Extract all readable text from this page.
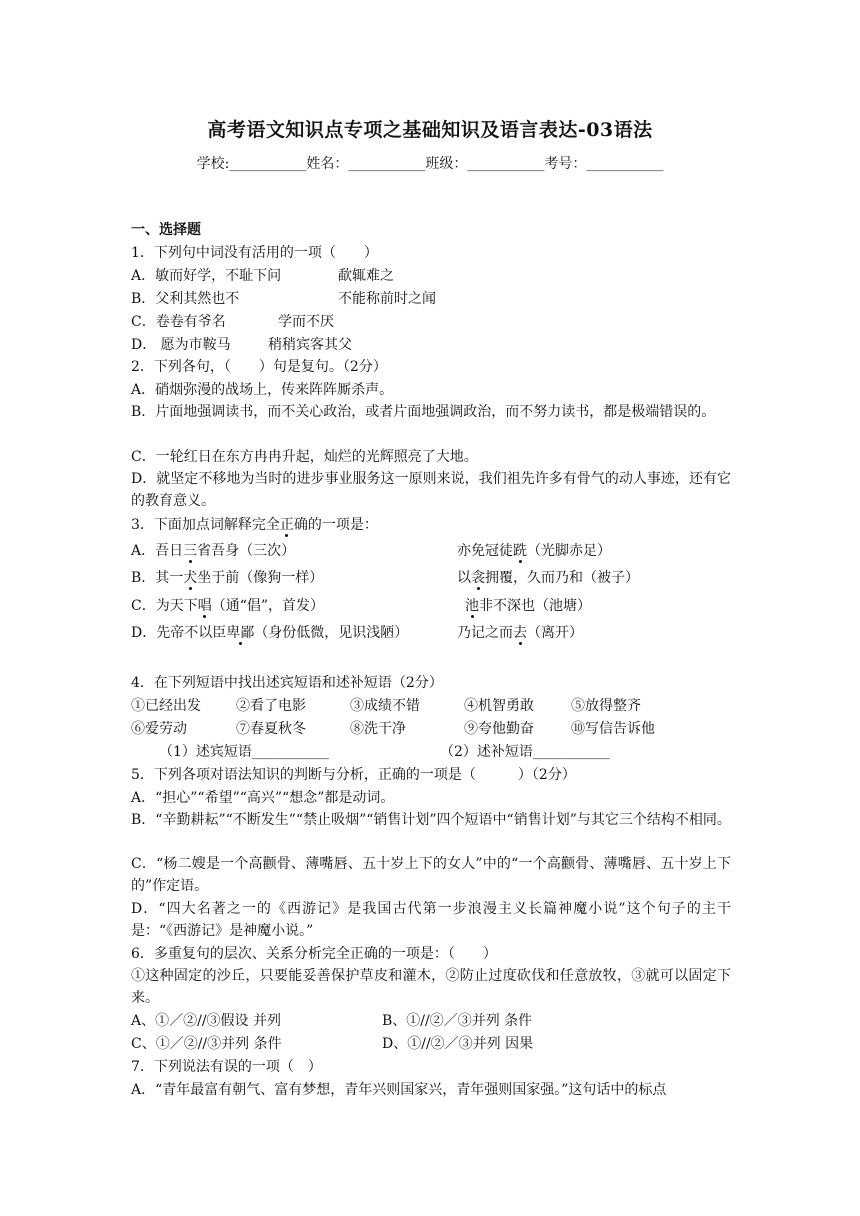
高考语文知识点专项之基础知识及语言表达-03语法
学校:___________姓名：___________班级：___________考号：___________
一、选择题
1．下列句中词没有活用的一项（　　）
A．敏而好学，不耻下问	歃辄难之
B．父利其然也不	不能称前时之闻
C．卷卷有爷名	学而不厌
D． 愿为市鞍马	稍稍宾客其父
2．下列各句，（　　）句是复句。（2分）
A．硝烟弥漫的战场上，传来阵阵厮杀声。
B．片面地强调读书，而不关心政治，或者片面地强调政治，而不努力读书，都是极端错误的。
C．一轮红日在东方冉冉升起，灿烂的光辉照亮了大地。
D．就坚定不移地为当时的进步事业服务这一原则来说，我们祖先许多有骨气的动人事迹，还有它的教育意义。
3．下面加点词解释完全正确的一项是：
A．吾日三省吾身（三次）	亦免冠徒跣（光脚赤足）
B．其一犬坐于前（像狗一样）	以衾拥覆，久而乃和（被子）
C．为天下唱（通“倡”，首发）	池非不深也（池塘）
D．先帝不以臣卑鄙（身份低微，见识浅陋）	乃记之而去（离开）
4．在下列短语中找出述宾短语和述补短语（2分）
①已经出发	②看了电影	③成绩不错	④机智勇敢	⑤放得整齐
⑥爱劳动	⑦春夏秋冬	⑧洗干净	⑨夸他勤奋	⑩写信告诉他
（1）述宾短语___________	（2）述补短语___________
5．下列各项对语法知识的判断与分析，正确的一项是（　　　）（2分）
A．“担心”“希望”“高兴”“想念”都是动词。
B．“辛勤耕耘”“不断发生”“禁止吸烟”“销售计划”四个短语中“销售计划”与其它三个结构不相同。
C．“杨二嫂是一个高颧骨、薄嘴唇、五十岁上下的女人”中的“一个高颧骨、薄嘴唇、五十岁上下的”作定语。
D．“四大名著之一的《西游记》是我国古代第一步浪漫主义长篇神魔小说”这个句子的主干是：“《西游记》是神魔小说。”
6．多重复句的层次、关系分析完全正确的一项是：（　　）
①这种固定的沙丘，只要能妥善保护草皮和灌木，②防止过度砍伐和任意放牧，③就可以固定下来。
A、①／②//③假设 并列	B、①//②／③并列 条件
C、①／②//③并列 条件	D、①//②／③并列 因果
7．下列说法有误的一项（　）
A．“青年最富有朝气、富有梦想，青年兴则国家兴，青年强则国家强。”这句话中的标点
